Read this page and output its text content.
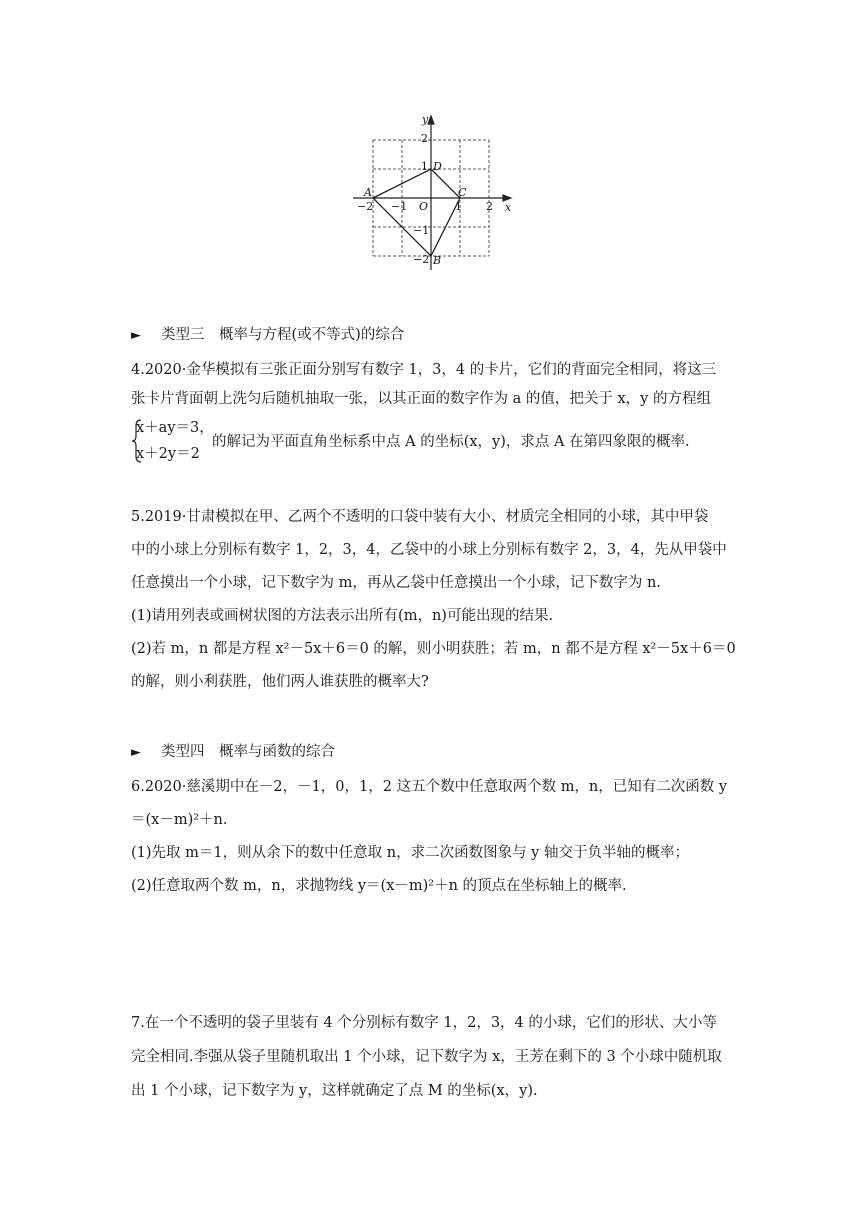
x
y
O
−2 −1	1 2
2
1
−1
−2
A
D
C
B
► 类型三　概率与方程(或不等式)的综合
4.2020·金华模拟有三张正面分别写有数字 1，3，4 的卡片，它们的背面完全相同，将这三
张卡片背面朝上洗匀后随机抽取一张，以其正面的数字作为 a 的值，把关于 x，y 的方程组
x＋ay＝3，
x＋2y＝2
的解记为平面直角坐标系中点 A 的坐标(x，y)，求点 A 在第四象限的概率.
5.2019·甘肃模拟在甲、乙两个不透明的口袋中装有大小、材质完全相同的小球，其中甲袋
中的小球上分别标有数字 1，2，3，4，乙袋中的小球上分别标有数字 2，3，4，先从甲袋中
任意摸出一个小球，记下数字为 m，再从乙袋中任意摸出一个小球，记下数字为 n.
(1)请用列表或画树状图的方法表示出所有(m，n)可能出现的结果.
(2)若 m，n 都是方程 x²－5x＋6＝0 的解，则小明获胜；若 m，n 都不是方程 x²－5x＋6＝0
的解，则小利获胜，他们两人谁获胜的概率大?
► 类型四　概率与函数的综合
6.2020·慈溪期中在－2，－1，0，1，2 这五个数中任意取两个数 m，n，已知有二次函数 y
＝(x－m)²＋n.
(1)先取 m＝1，则从余下的数中任意取 n，求二次函数图象与 y 轴交于负半轴的概率；
(2)任意取两个数 m，n，求抛物线 y＝(x－m)²＋n 的顶点在坐标轴上的概率.
7.在一个不透明的袋子里装有 4 个分别标有数字 1，2，3，4 的小球，它们的形状、大小等
完全相同.李强从袋子里随机取出 1 个小球，记下数字为 x，王芳在剩下的 3 个小球中随机取
出 1 个小球，记下数字为 y，这样就确定了点 M 的坐标(x，y).
